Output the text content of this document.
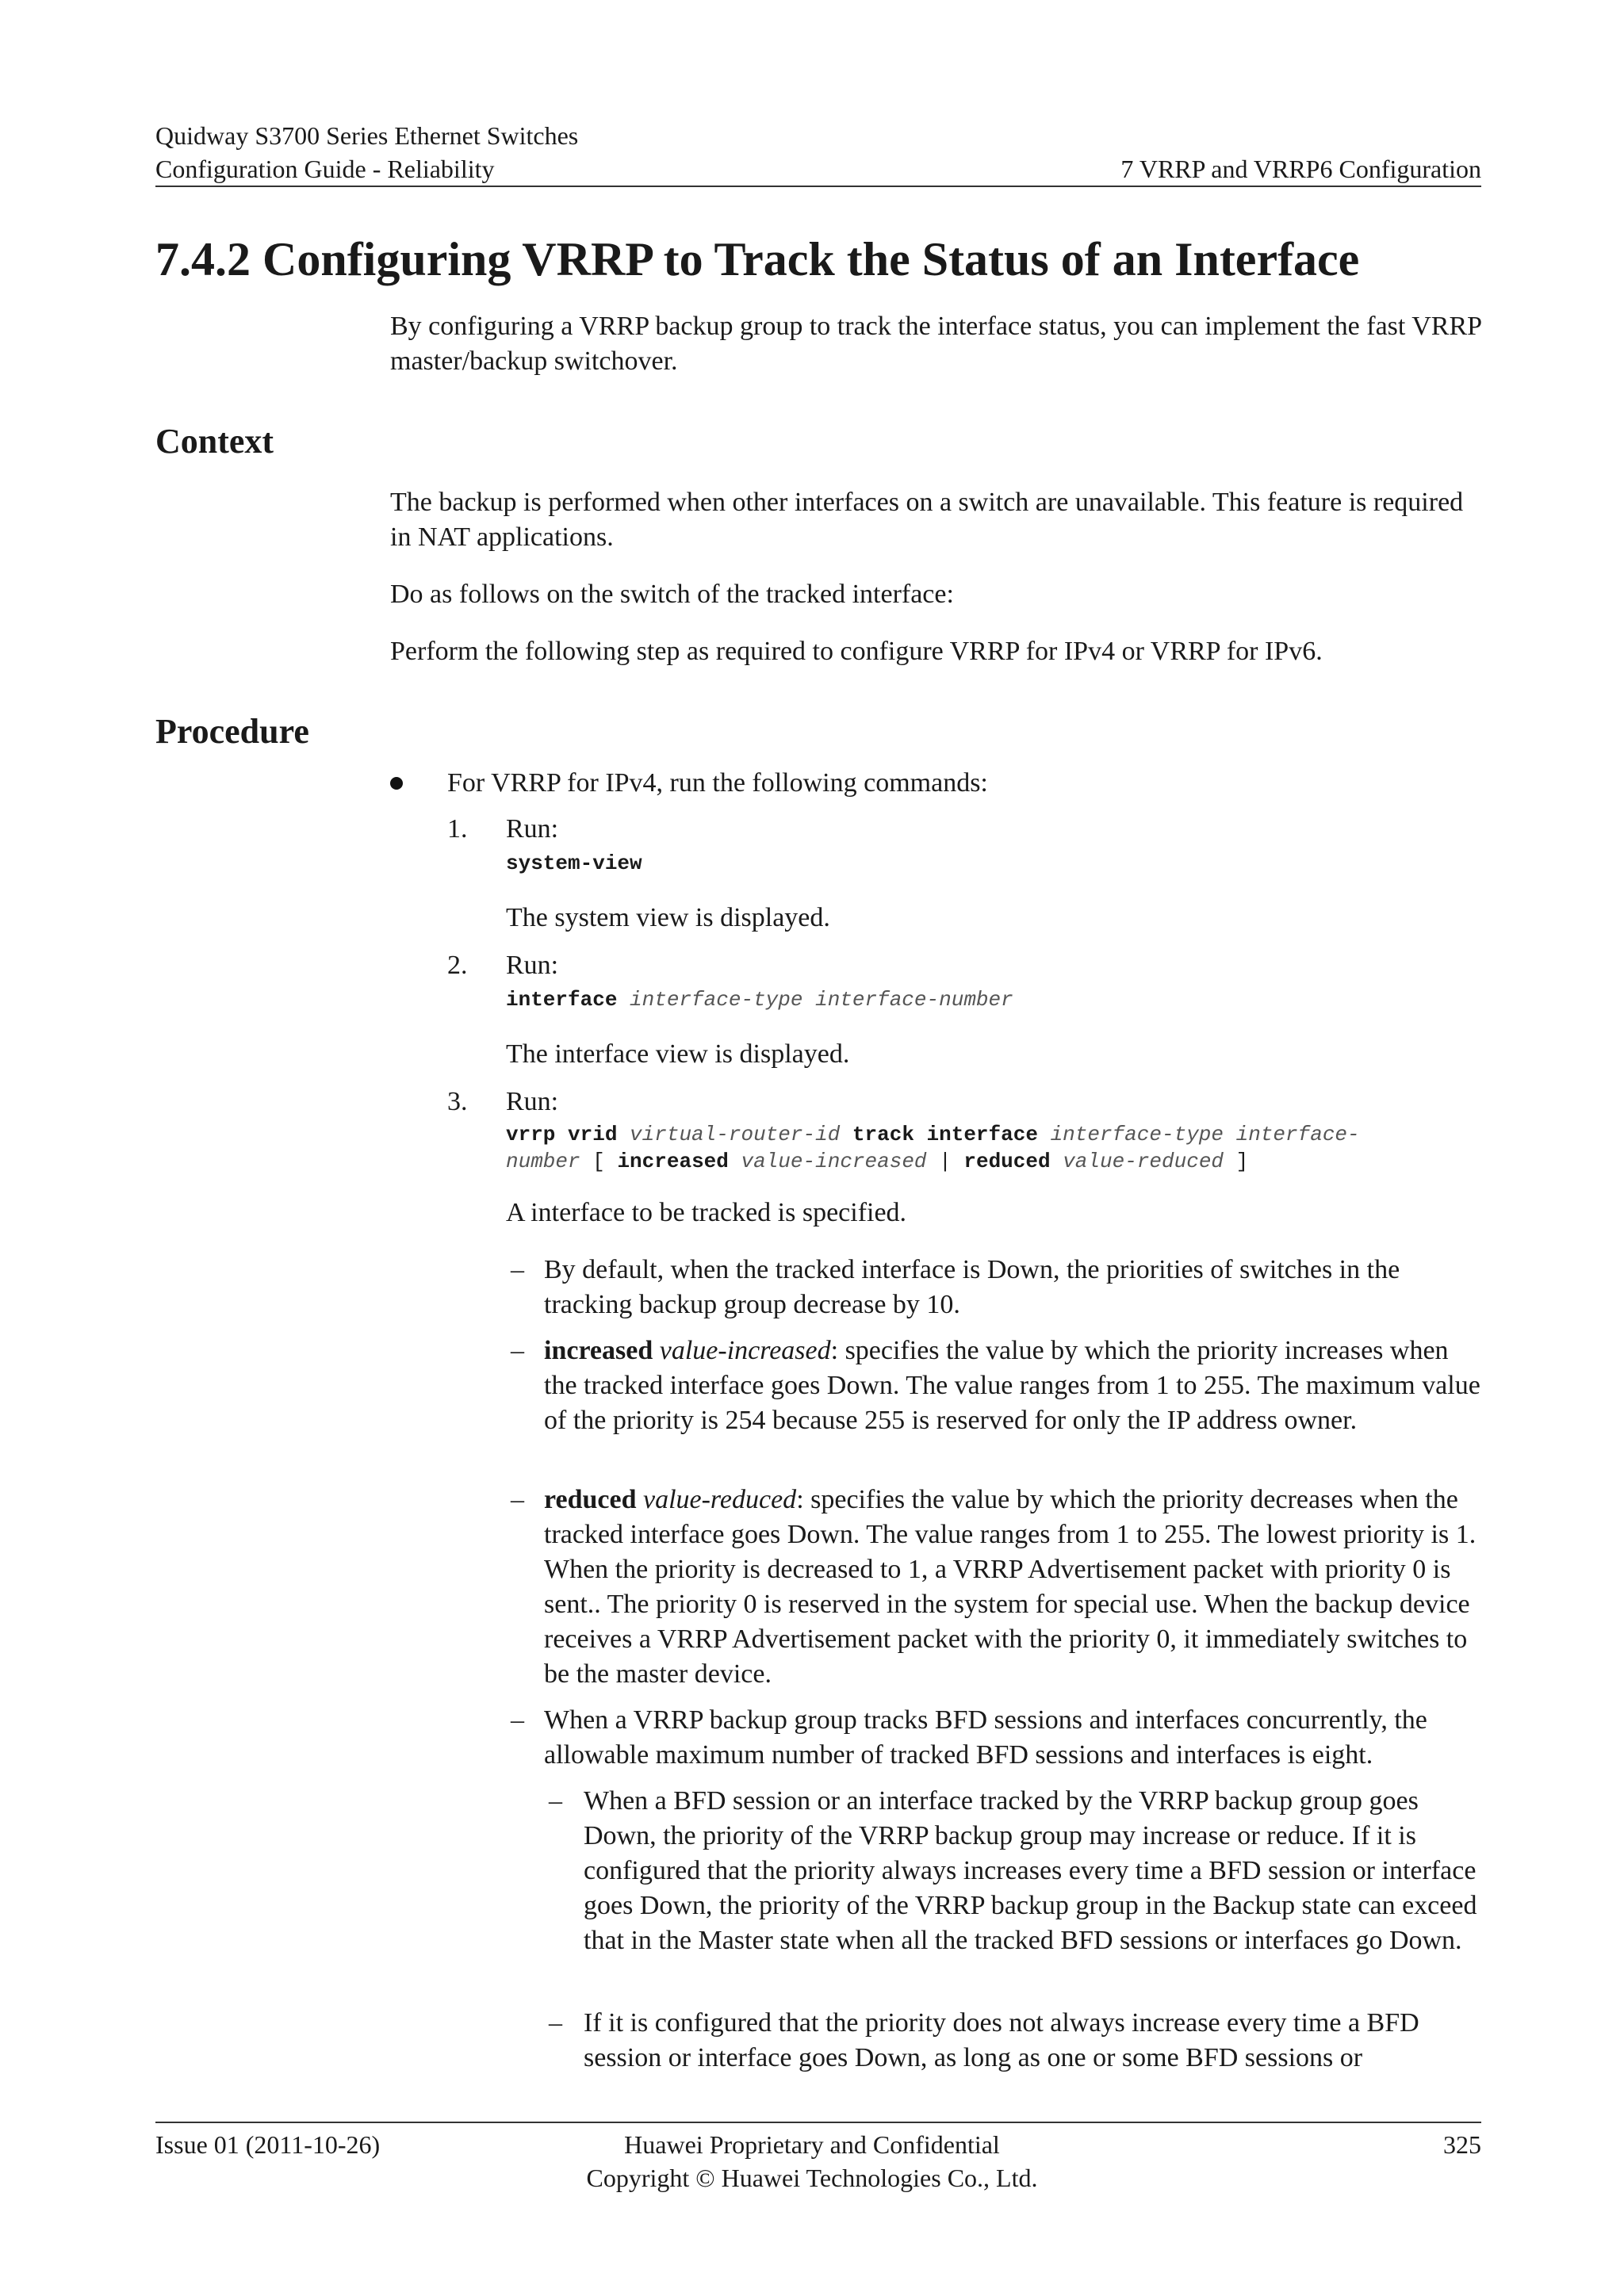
Quidway S3700 Series Ethernet Switches
Configuration Guide - Reliability	7 VRRP and VRRP6 Configuration
7.4.2 Configuring VRRP to Track the Status of an Interface
By configuring a VRRP backup group to track the interface status, you can implement the fast VRRP master/backup switchover.
Context
The backup is performed when other interfaces on a switch are unavailable. This feature is required in NAT applications.
Do as follows on the switch of the tracked interface:
Perform the following step as required to configure VRRP for IPv4 or VRRP for IPv6.
Procedure
For VRRP for IPv4, run the following commands:
1. Run:
system-view
The system view is displayed.
2. Run:
interface interface-type interface-number
The interface view is displayed.
3. Run:
vrrp vrid virtual-router-id track interface interface-type interface-
number [ increased value-increased | reduced value-reduced ]
A interface to be tracked is specified.
– By default, when the tracked interface is Down, the priorities of switches in the tracking backup group decrease by 10.
– increased value-increased: specifies the value by which the priority increases when the tracked interface goes Down. The value ranges from 1 to 255. The maximum value of the priority is 254 because 255 is reserved for only the IP address owner.
– reduced value-reduced: specifies the value by which the priority decreases when the tracked interface goes Down. The value ranges from 1 to 255. The lowest priority is 1. When the priority is decreased to 1, a VRRP Advertisement packet with priority 0 is sent.. The priority 0 is reserved in the system for special use. When the backup device receives a VRRP Advertisement packet with the priority 0, it immediately switches to be the master device.
– When a VRRP backup group tracks BFD sessions and interfaces concurrently, the allowable maximum number of tracked BFD sessions and interfaces is eight.
– When a BFD session or an interface tracked by the VRRP backup group goes Down, the priority of the VRRP backup group may increase or reduce. If it is configured that the priority always increases every time a BFD session or interface goes Down, the priority of the VRRP backup group in the Backup state can exceed that in the Master state when all the tracked BFD sessions or interfaces go Down.
– If it is configured that the priority does not always increase every time a BFD session or interface goes Down, as long as one or some BFD sessions or
Issue 01 (2011-10-26)	Huawei Proprietary and Confidential
Copyright © Huawei Technologies Co., Ltd.
325
